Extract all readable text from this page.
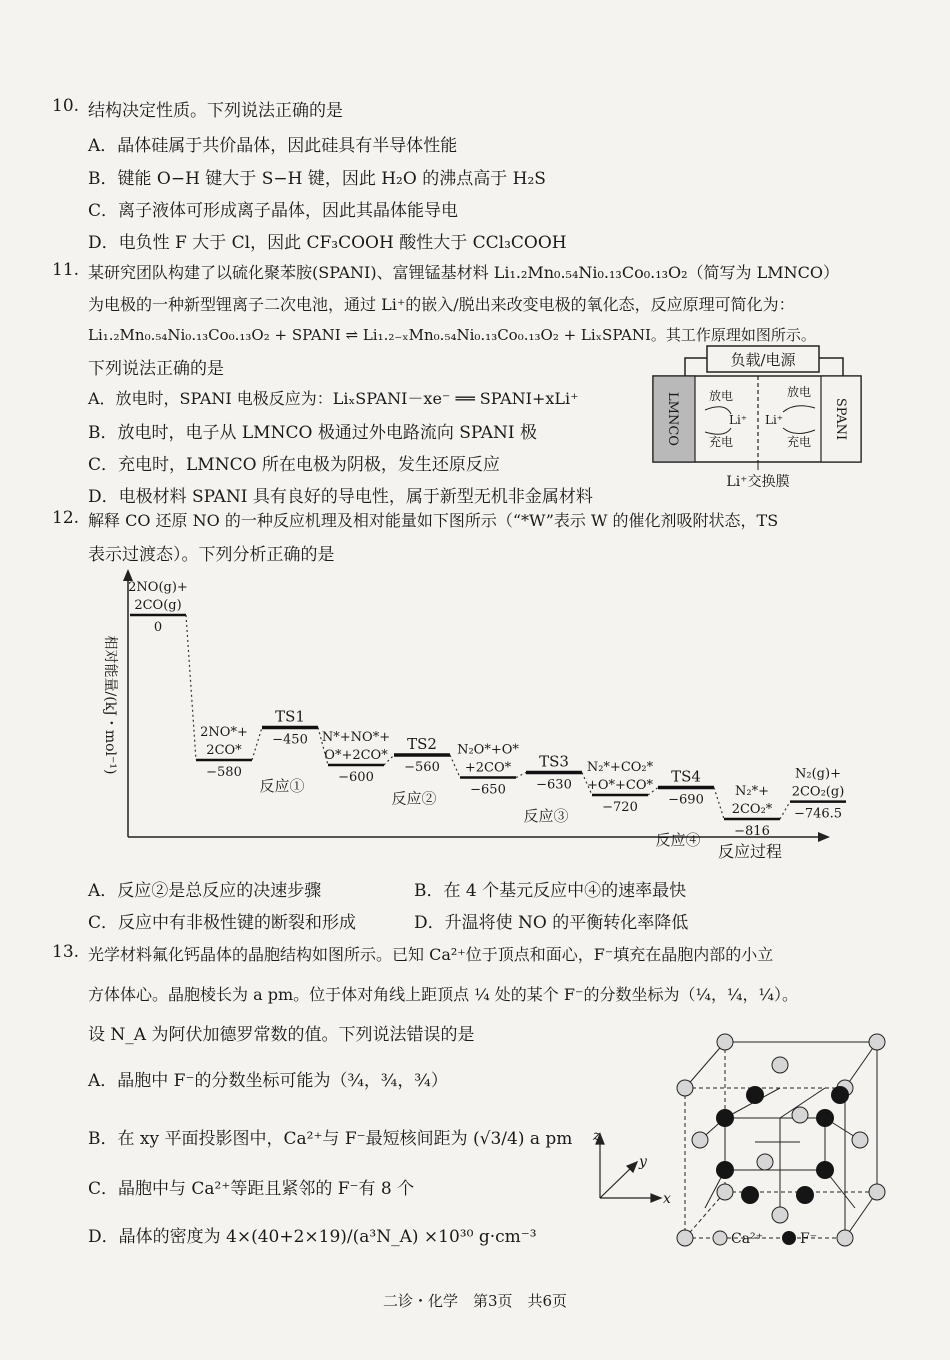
10. 结构决定性质。下列说法正确的是
A．晶体硅属于共价晶体，因此硅具有半导体性能
B．键能 O−H 键大于 S−H 键，因此 H₂O 的沸点高于 H₂S
C．离子液体可形成离子晶体，因此其晶体能导电
D．电负性 F 大于 Cl，因此 CF₃COOH 酸性大于 CCl₃COOH
11. 某研究团队构建了以硫化聚苯胺(SPANI)、富锂锰基材料 Li₁.₂Mn₀.₅₄Ni₀.₁₃Co₀.₁₃O₂（简写为 LMNCO）
为电极的一种新型锂离子二次电池，通过 Li⁺的嵌入/脱出来改变电极的氧化态，反应原理可简化为：
Li₁.₂Mn₀.₅₄Ni₀.₁₃Co₀.₁₃O₂ + SPANI ⇌ Li₁.₂₋ₓMn₀.₅₄Ni₀.₁₃Co₀.₁₃O₂ + LiₓSPANI。其工作原理如图所示。
下列说法正确的是
A．放电时，SPANI 电极反应为：LiₓSPANI－xe⁻ ══ SPANI+xLi⁺
B．放电时，电子从 LMNCO 极通过外电路流向 SPANI 极
C．充电时，LMNCO 所在电极为阴极，发生还原反应
D．电极材料 SPANI 具有良好的导电性，属于新型无机非金属材料
负载/电源
LMNCO	SPANI
放电
充电
Li⁺
放电
充电
Li⁺
Li⁺交换膜
12. 解释 CO 还原 NO 的一种反应机理及相对能量如下图所示（“*W”表示 W 的催化剂吸附状态，TS
表示过渡态）。下列分析正确的是
相对能量/(kJ・mol⁻¹)
反应过程
2NO(g)+
2CO(g)
0
2NO*+
2CO*
−580
TS1
−450 N*+NO*+
O*+2CO*
−600
TS2
−560
N₂O*+O*
+2CO*
−650
TS3
−630
N₂*+CO₂*
+O*+CO*
−720
TS4
−690
N₂*+
2CO₂*
−816
N₂(g)+
2CO₂(g)
−746.5
反应①
反应②
反应③
反应④
A．反应②是总反应的决速步骤	B．在 4 个基元反应中④的速率最快
C．反应中有非极性键的断裂和形成	D．升温将使 NO 的平衡转化率降低
13. 光学材料氟化钙晶体的晶胞结构如图所示。已知 Ca²⁺位于顶点和面心，F⁻填充在晶胞内部的小立
方体体心。晶胞棱长为 a pm。位于体对角线上距顶点 ¼ 处的某个 F⁻的分数坐标为（¼，¼，¼）。
设 N_A 为阿伏加德罗常数的值。下列说法错误的是
A．晶胞中 F⁻的分数坐标可能为（¾，¾，¾）
B．在 xy 平面投影图中，Ca²⁺与 F⁻最短核间距为 (√3/4) a pm
C．晶胞中与 Ca²⁺等距且紧邻的 F⁻有 8 个
D．晶体的密度为 4×(40+2×19)/(a³N_A) ×10³⁰ g·cm⁻³
z
x
y
Ca²⁺	F⁻
二诊・化学　第3页　共6页
